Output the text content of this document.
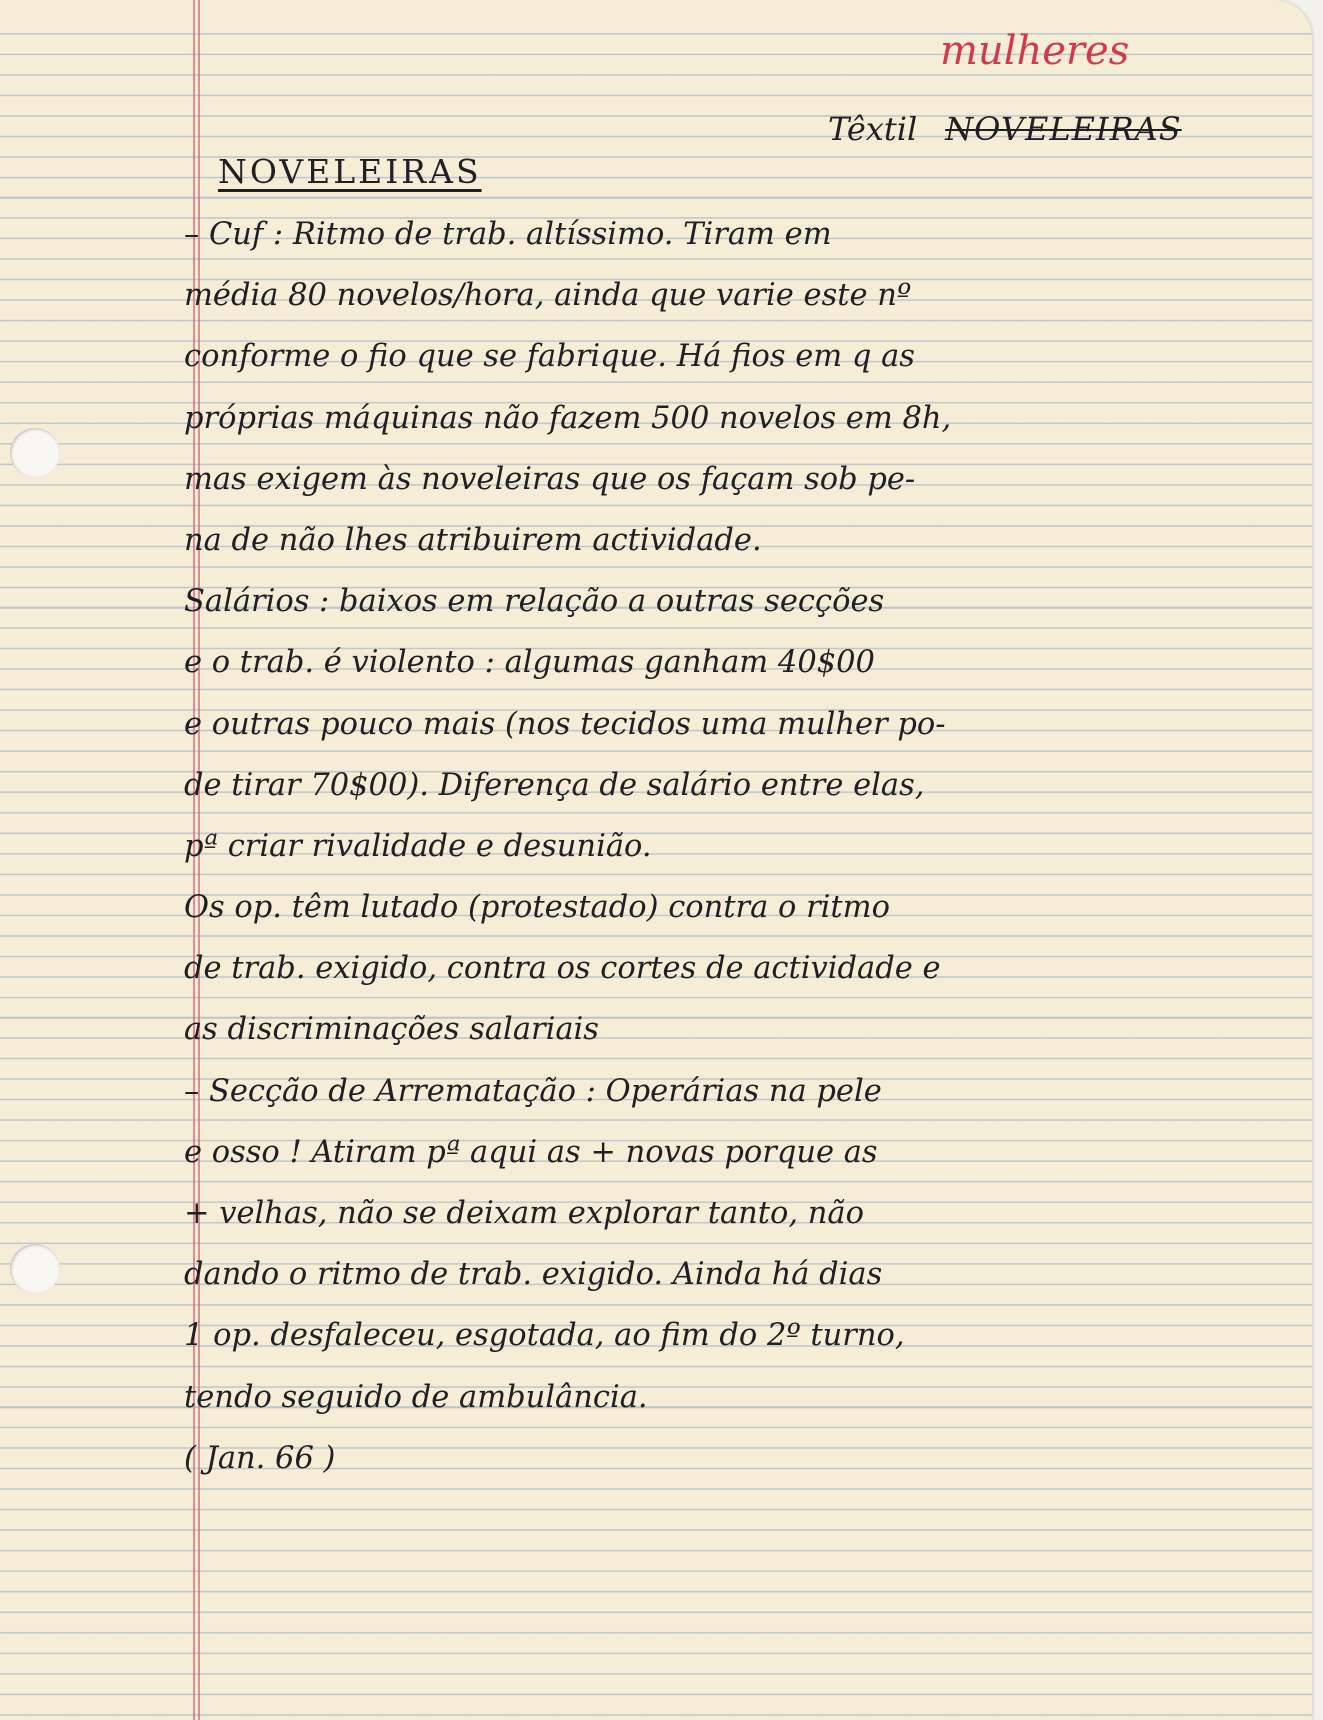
mulheres
Têxtil NOVELEIRAS
NOVELEIRAS
– Cuf : Ritmo de trab. altíssimo. Tiram em
média 80 novelos/hora, ainda que varie este nº
conforme o fio que se fabrique. Há fios em q as
próprias máquinas não fazem 500 novelos em 8h,
mas exigem às noveleiras que os façam sob pe-
na de não lhes atribuirem actividade.
Salários : baixos em relação a outras secções
e o trab. é violento : algumas ganham 40$00
e outras pouco mais (nos tecidos uma mulher po-
de tirar 70$00). Diferença de salário entre elas,
pª criar rivalidade e desunião.
Os op. têm lutado (protestado) contra o ritmo
de trab. exigido, contra os cortes de actividade e
as discriminações salariais
– Secção de Arrematação : Operárias na pele
e osso ! Atiram pª aqui as + novas porque as
+ velhas, não se deixam explorar tanto, não
dando o ritmo de trab. exigido. Ainda há dias
1 op. desfaleceu, esgotada, ao fim do 2º turno,
tendo seguido de ambulância.
( Jan. 66 )
